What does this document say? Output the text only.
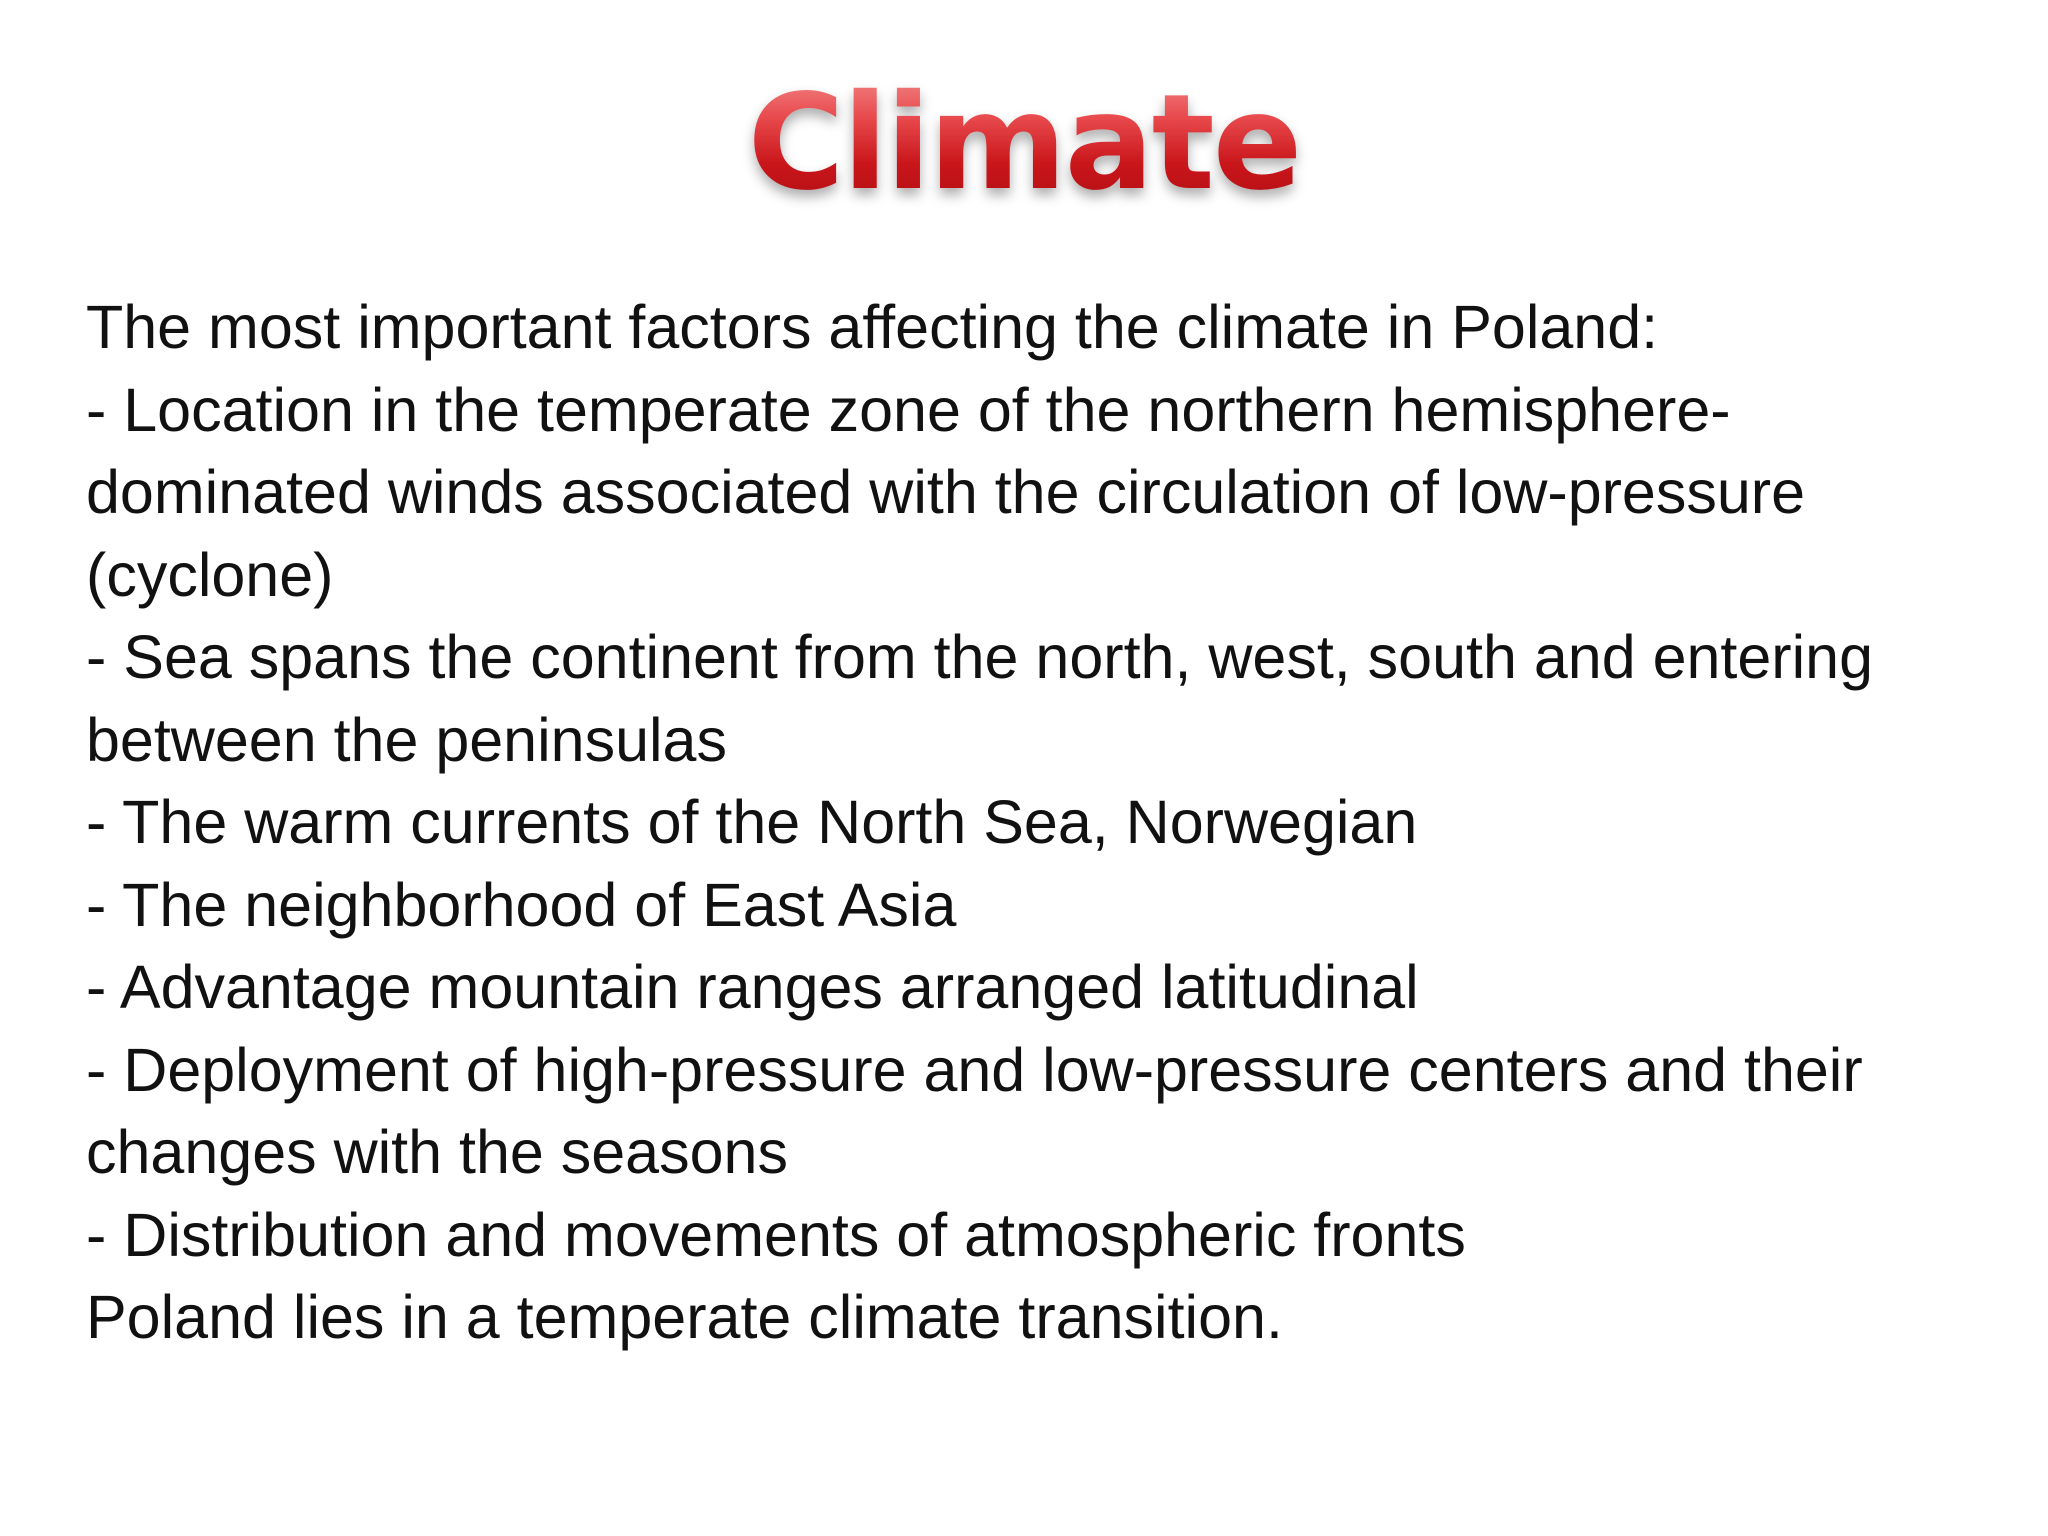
Climate
The most important factors affecting the climate in Poland:
- Location in the temperate zone of the northern hemisphere-
dominated winds associated with the circulation of low-pressure
(cyclone)
- Sea spans the continent from the north, west, south and entering
between the peninsulas
- The warm currents of the North Sea, Norwegian
- The neighborhood of East Asia
- Advantage mountain ranges arranged latitudinal
- Deployment of high-pressure and low-pressure centers and their
changes with the seasons
- Distribution and movements of atmospheric fronts
Poland lies in a temperate climate transition.
